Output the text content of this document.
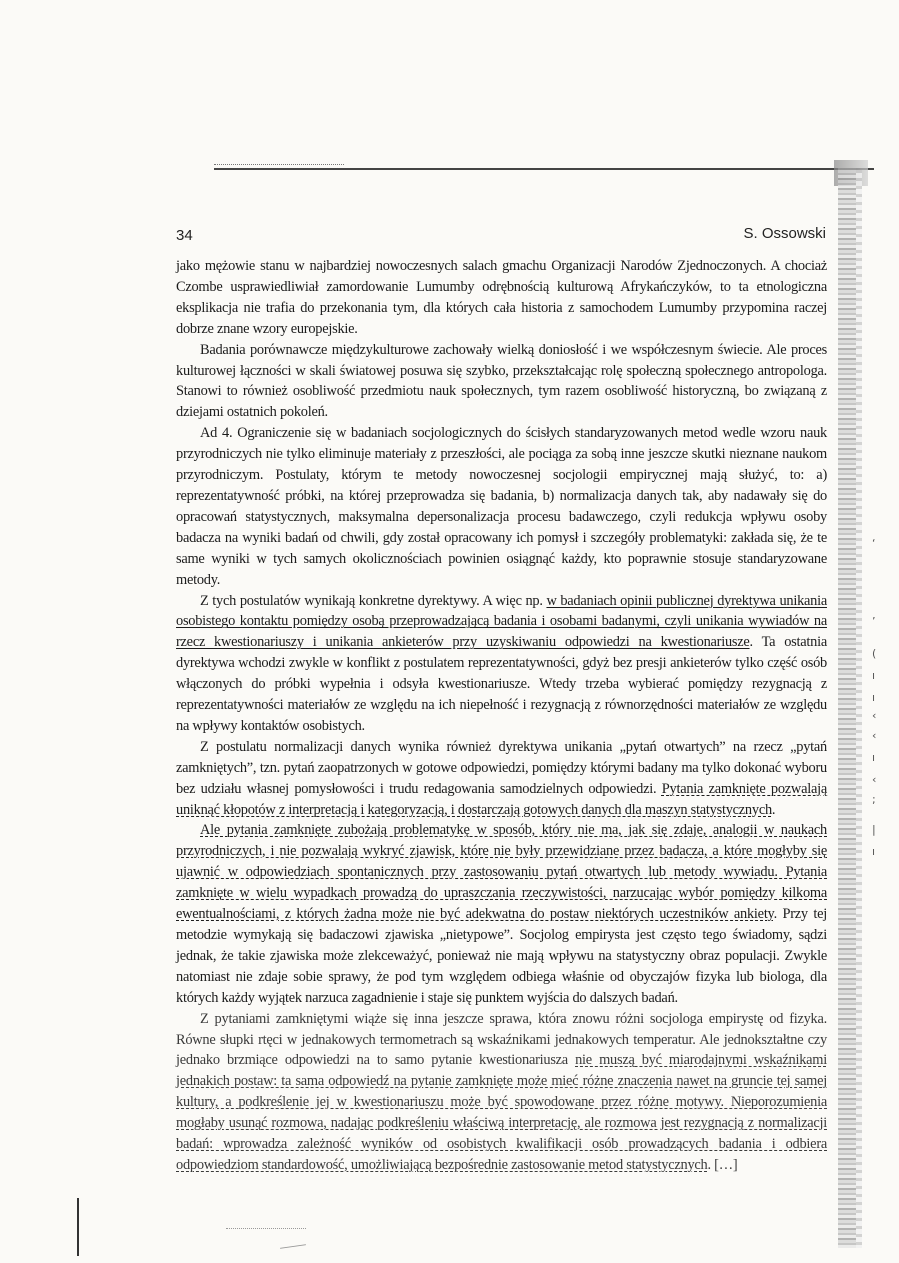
‘
ʼ
(
ı
ı
‹
‹
ı
‹
;
|
ı
34	S. Ossowski

jako mężowie stanu w najbardziej nowoczesnych salach gmachu Organizacji Narodów Zjednoczonych. A chociaż Czombe usprawiedliwiał zamordowanie Lumumby odrębnością kulturową Afrykańczyków, to ta etnologiczna eksplikacja nie trafia do przekonania tym, dla których cała historia z samochodem Lumumby przypomina raczej dobrze znane wzory europejskie.

Badania porównawcze międzykulturowe zachowały wielką doniosłość i we współczesnym świecie. Ale proces kulturowej łączności w skali światowej posuwa się szybko, przekształcając rolę społeczną społecznego antropologa. Stanowi to również osobliwość przedmiotu nauk społecznych, tym razem osobliwość historyczną, bo związaną z dziejami ostatnich pokoleń.

Ad 4. Ograniczenie się w badaniach socjologicznych do ścisłych standaryzowanych metod wedle wzoru nauk przyrodniczych nie tylko eliminuje materiały z przeszłości, ale pociąga za sobą inne jeszcze skutki nieznane naukom przyrodniczym. Postulaty, którym te metody nowoczesnej socjologii empirycznej mają służyć, to: a) reprezentatywność próbki, na której przeprowadza się badania, b) normalizacja danych tak, aby nadawały się do opracowań statystycznych, maksymalna depersonalizacja procesu badawczego, czyli redukcja wpływu osoby badacza na wyniki badań od chwili, gdy został opracowany ich pomysł i szczegóły problematyki: zakłada się, że te same wyniki w tych samych okolicznościach powinien osiągnąć każdy, kto poprawnie stosuje standaryzowane metody.

Z tych postulatów wynikają konkretne dyrektywy. A więc np. w badaniach opinii publicznej dyrektywa unikania osobistego kontaktu pomiędzy osobą przeprowadzającą badania i osobami badanymi, czyli unikania wywiadów na rzecz kwestionariuszy i unikania ankieterów przy uzyskiwaniu odpowiedzi na kwestionariusze. Ta ostatnia dyrektywa wchodzi zwykle w konflikt z postulatem reprezentatywności, gdyż bez presji ankieterów tylko część osób włączonych do próbki wypełnia i odsyła kwestionariusze. Wtedy trzeba wybierać pomiędzy rezygnacją z reprezentatywności materiałów ze względu na ich niepełność i rezygnacją z równorzędności materiałów ze względu na wpływy kontaktów osobistych.

Z postulatu normalizacji danych wynika również dyrektywa unikania „pytań otwartych” na rzecz „pytań zamkniętych”, tzn. pytań zaopatrzonych w gotowe odpowiedzi, pomiędzy którymi badany ma tylko dokonać wyboru bez udziału własnej pomysłowości i trudu redagowania samodzielnych odpowiedzi. Pytania zamknięte pozwalają uniknąć kłopotów z interpretacją i kategoryzacją, i dostarczają gotowych danych dla maszyn statystycznych.

Ale pytania zamknięte zubożają problematykę w sposób, który nie ma, jak się zdaje, analogii w naukach przyrodniczych, i nie pozwalają wykryć zjawisk, które nie były przewidziane przez badacza, a które mogłyby się ujawnić w odpowiedziach spontanicznych przy zastosowaniu pytań otwartych lub metody wywiadu. Pytania zamknięte w wielu wypadkach prowadzą do upraszczania rzeczywistości, narzucając wybór pomiędzy kilkoma ewentualnościami, z których żadna może nie być adekwatna do postaw niektórych uczestników ankiety. Przy tej metodzie wymykają się badaczowi zjawiska „nietypowe”. Socjolog empirysta jest często tego świadomy, sądzi jednak, że takie zjawiska może zlekceważyć, ponieważ nie mają wpływu na statystyczny obraz populacji. Zwykle natomiast nie zdaje sobie sprawy, że pod tym względem odbiega właśnie od obyczajów fizyka lub biologa, dla których każdy wyjątek narzuca zagadnienie i staje się punktem wyjścia do dalszych badań.

Z pytaniami zamkniętymi wiąże się inna jeszcze sprawa, która znowu różni socjologa empirystę od fizyka. Równe słupki rtęci w jednakowych termometrach są wskaźnikami jednakowych temperatur. Ale jednokształtne czy jednako brzmiące odpowiedzi na to samo pytanie kwestionariusza nie muszą być miarodajnymi wskaźnikami jednakich postaw: ta sama odpowiedź na pytanie zamknięte może mieć różne znaczenia nawet na gruncie tej samej kultury, a podkreślenie jej w kwestionariuszu może być spowodowane przez różne motywy. Nieporozumienia mogłaby usunąć rozmowa, nadając podkreśleniu właściwą interpretację, ale rozmowa jest rezygnacją z normalizacji badań: wprowadza zależność wyników od osobistych kwalifikacji osób prowadzących badania i odbiera odpowiedziom standardowość, umożliwiającą bezpośrednie zastosowanie metod statystycznych. […]
